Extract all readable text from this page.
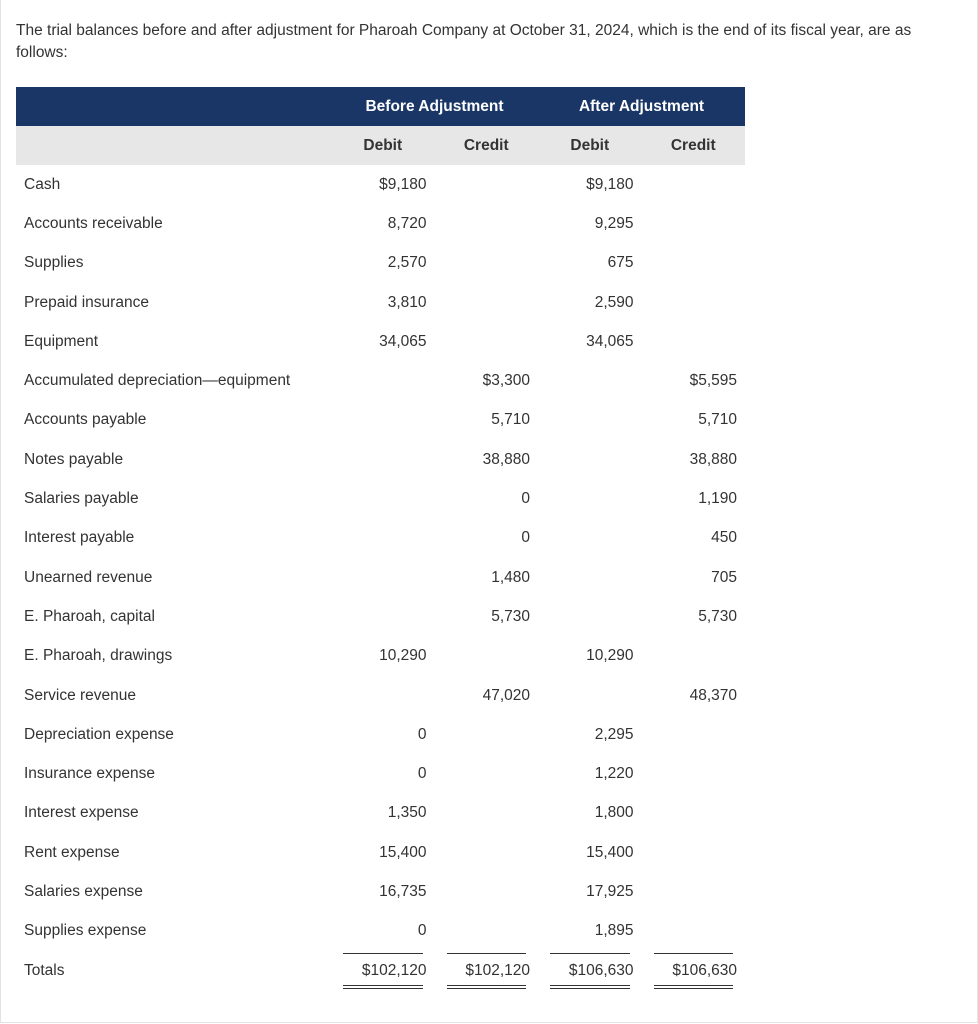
The trial balances before and after adjustment for Pharoah Company at October 31, 2024, which is the end of its fiscal year, are as follows:

	Before Adjustment		After Adjustment	
	Debit	Credit	Debit	Credit
Cash	$9,180		$9,180	
Accounts receivable	8,720		9,295	
Supplies	2,570		675	
Prepaid insurance	3,810		2,590	
Equipment	34,065		34,065	
Accumulated depreciation—equipment		$3,300		$5,595
Accounts payable		5,710		5,710
Notes payable		38,880		38,880
Salaries payable		0		1,190
Interest payable		0		450
Unearned revenue		1,480		705
E. Pharoah, capital		5,730		5,730
E. Pharoah, drawings	10,290		10,290	
Service revenue		47,020		48,370
Depreciation expense	0		2,295	
Insurance expense	0		1,220	
Interest expense	1,350		1,800	
Rent expense	15,400		15,400	
Salaries expense	16,735		17,925	
Supplies expense	0		1,895	
Totals	$102,120	$102,120	$106,630	$106,630
